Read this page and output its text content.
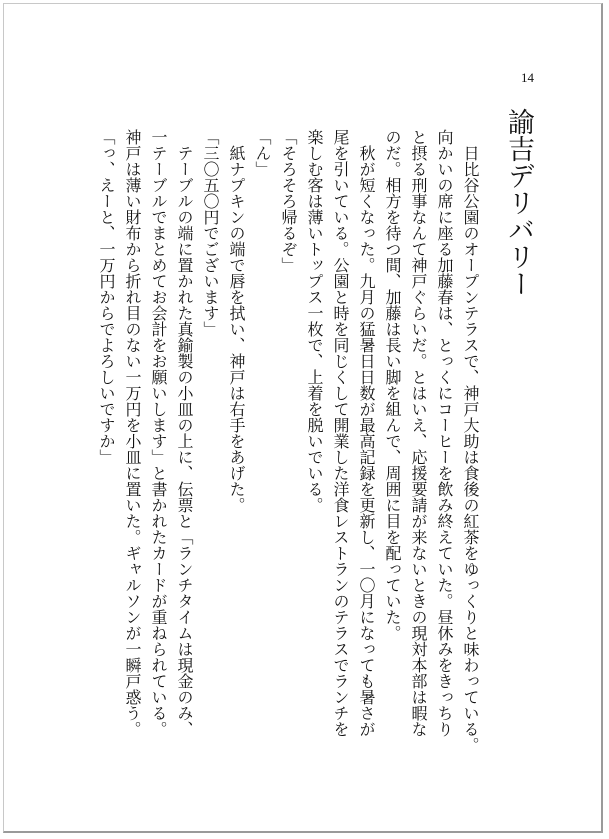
14
諭吉デリバリー

日比谷公園のオープンテラスで、神戸大助は食後の紅茶をゆっくりと味わっている。

向かいの席に座る加藤春は、とっくにコーヒーを飲み終えていた。昼休みをきっちり

と摂る刑事なんて神戸ぐらいだ。とはいえ、応援要請が来ないときの現対本部は暇な

のだ。相方を待つ間、加藤は長い脚を組んで、周囲に目を配っていた。

秋が短くなった。九月の猛暑日日数が最高記録を更新し、一〇月になっても暑さが

尾を引いている。公園と時を同じくして開業した洋食レストランのテラスでランチを

楽しむ客は薄いトップス一枚で、上着を脱いでいる。

「そろそろ帰るぞ」

「ん」

紙ナプキンの端で唇を拭い、神戸は右手をあげた。

「三〇五〇円でございます」

テーブルの端に置かれた真鍮製の小皿の上に、伝票と「ランチタイムは現金のみ、

一テーブルでまとめてお会計をお願いします」と書かれたカードが重ねられている。

神戸は薄い財布から折れ目のない一万円を小皿に置いた。ギャルソンが一瞬戸惑う。

「っ、えーと、一万円からでよろしいですか」
